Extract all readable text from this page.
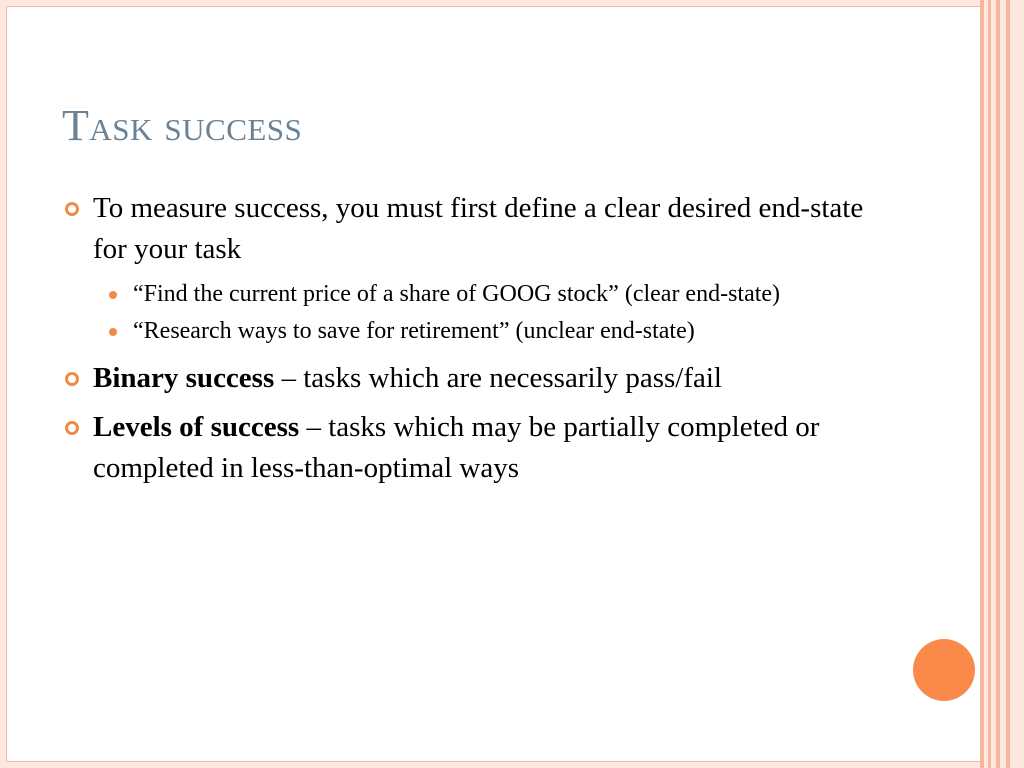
Task success
To measure success, you must first define a clear desired end-state for your task
“Find the current price of a share of GOOG stock” (clear end-state)
“Research ways to save for retirement” (unclear end-state)
Binary success – tasks which are necessarily pass/fail
Levels of success – tasks which may be partially completed or completed in less-than-optimal ways
